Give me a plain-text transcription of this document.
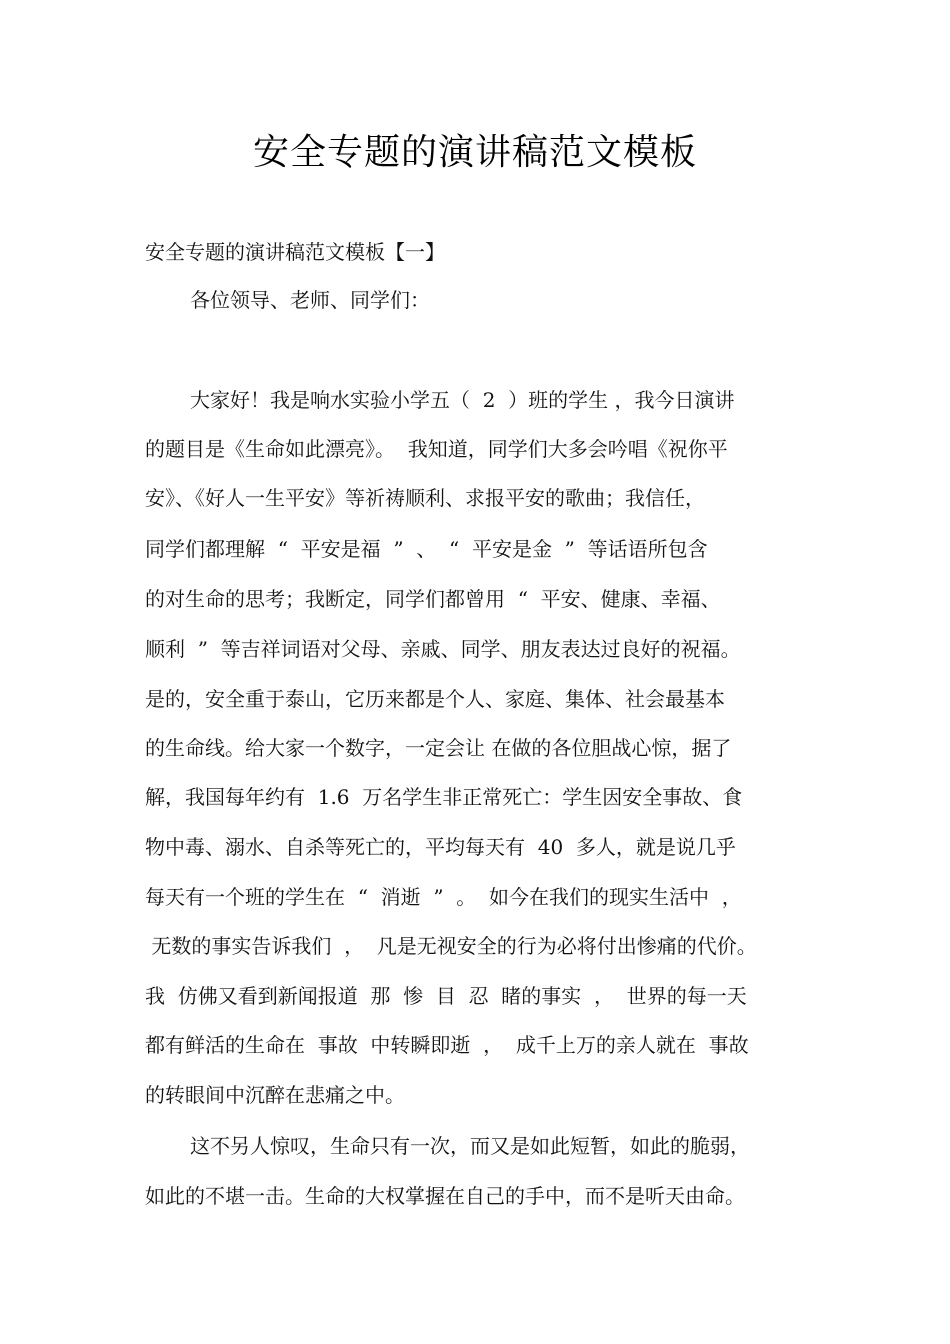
安全专题的演讲稿范文模板
安全专题的演讲稿范文模板【一】
各位领导、老师、同学们：
大家好！我是响水实验小学五（  2  ）班的学生 ，我今日演讲
的题目是《生命如此漂亮》。  我知道，同学们大多会吟唱《祝你平
安》、《好人一生平安》等祈祷顺利、求报平安的歌曲；我信任，
同学们都理解  “  平安是福  ”  、  “  平安是金  ”  等话语所包含
的对生命的思考；我断定，同学们都曾用  “  平安、健康、幸福、
顺利  ”  等吉祥词语对父母、亲戚、同学、朋友表达过良好的祝福。
是的，安全重于泰山，它历来都是个人、家庭、集体、社会最基本
的生命线。给大家一个数字，一定会让 在做的各位胆战心惊，据了
解，我国每年约有  1.6  万名学生非正常死亡：学生因安全事故、食
物中毒、溺水、自杀等死亡的，平均每天有  40  多人，就是说几乎
每天有一个班的学生在  “  消逝  ”  。  如今在我们的现实生活中  ，
无数的事实告诉我们  ，  凡是无视安全的行为必将付出惨痛的代价。
我  仿佛又看到新闻报道  那  惨  目  忍  睹的事实  ，  世界的每一天
都有鲜活的生命在  事故  中转瞬即逝  ，  成千上万的亲人就在  事故
的转眼间中沉醉在悲痛之中。
这不另人惊叹，生命只有一次，而又是如此短暂，如此的脆弱，
如此的不堪一击。生命的大权掌握在自己的手中，而不是听天由命。
